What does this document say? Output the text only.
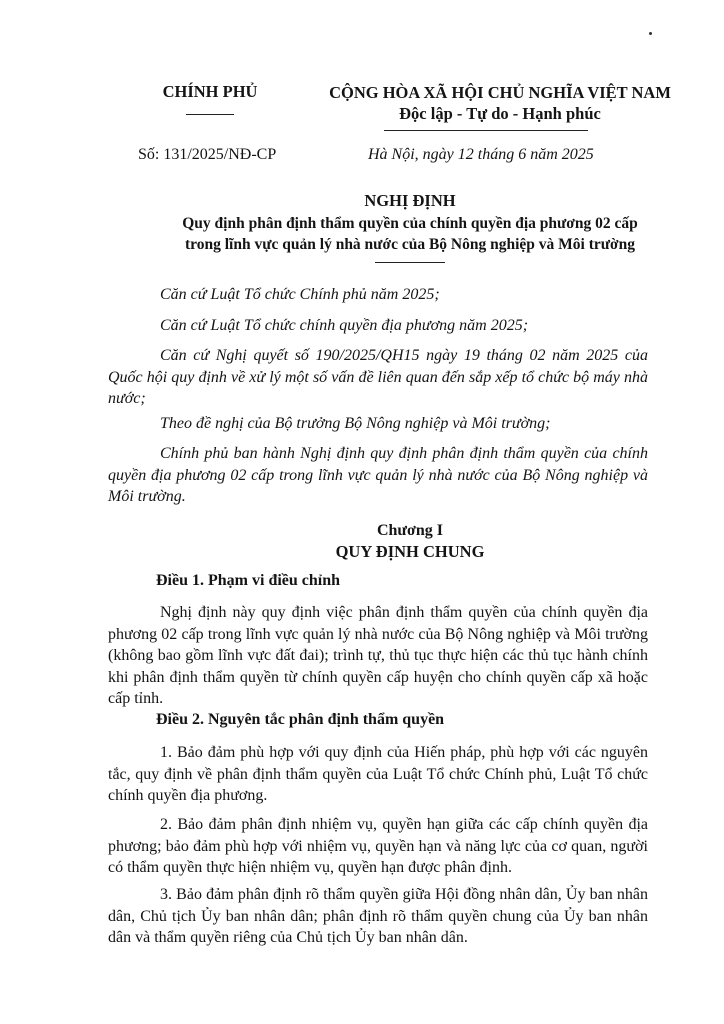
CHÍNH PHỦ	CỘNG HÒA XÃ HỘI CHỦ NGHĨA VIỆT NAM
Độc lập - Tự do - Hạnh phúc
Số: 131/2025/NĐ-CP	Hà Nội, ngày 12 tháng 6 năm 2025
NGHỊ ĐỊNH
Quy định phân định thẩm quyền của chính quyền địa phương 02 cấp
trong lĩnh vực quản lý nhà nước của Bộ Nông nghiệp và Môi trường

Căn cứ Luật Tổ chức Chính phủ năm 2025;

Căn cứ Luật Tổ chức chính quyền địa phương năm 2025;

Căn cứ Nghị quyết số 190/2025/QH15 ngày 19 tháng 02 năm 2025 của Quốc hội quy định về xử lý một số vấn đề liên quan đến sắp xếp tổ chức bộ máy nhà nước;

Theo đề nghị của Bộ trưởng Bộ Nông nghiệp và Môi trường;

Chính phủ ban hành Nghị định quy định phân định thẩm quyền của chính quyền địa phương 02 cấp trong lĩnh vực quản lý nhà nước của Bộ Nông nghiệp và Môi trường.

Chương I
QUY ĐỊNH CHUNG
Điều 1. Phạm vi điều chỉnh

Nghị định này quy định việc phân định thẩm quyền của chính quyền địa phương 02 cấp trong lĩnh vực quản lý nhà nước của Bộ Nông nghiệp và Môi trường (không bao gồm lĩnh vực đất đai); trình tự, thủ tục thực hiện các thủ tục hành chính khi phân định thẩm quyền từ chính quyền cấp huyện cho chính quyền cấp xã hoặc cấp tỉnh.

Điều 2. Nguyên tắc phân định thẩm quyền

1. Bảo đảm phù hợp với quy định của Hiến pháp, phù hợp với các nguyên tắc, quy định về phân định thẩm quyền của Luật Tổ chức Chính phủ, Luật Tổ chức chính quyền địa phương.

2. Bảo đảm phân định nhiệm vụ, quyền hạn giữa các cấp chính quyền địa phương; bảo đảm phù hợp với nhiệm vụ, quyền hạn và năng lực của cơ quan, người có thẩm quyền thực hiện nhiệm vụ, quyền hạn được phân định.

3. Bảo đảm phân định rõ thẩm quyền giữa Hội đồng nhân dân, Ủy ban nhân dân, Chủ tịch Ủy ban nhân dân; phân định rõ thẩm quyền chung của Ủy ban nhân dân và thẩm quyền riêng của Chủ tịch Ủy ban nhân dân.
